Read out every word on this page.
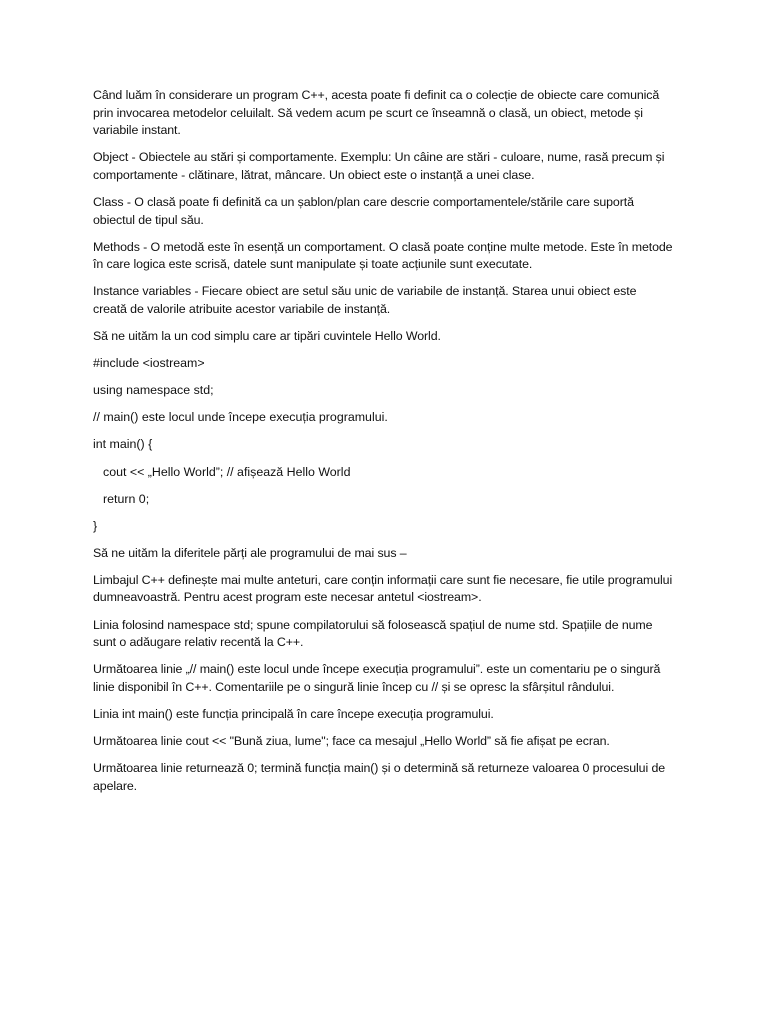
Când luăm în considerare un program C++, acesta poate fi definit ca o colecție de obiecte care comunică prin invocarea metodelor celuilalt. Să vedem acum pe scurt ce înseamnă o clasă, un obiect, metode și variabile instant.

Object - Obiectele au stări și comportamente. Exemplu: Un câine are stări - culoare, nume, rasă precum și comportamente - clătinare, lătrat, mâncare. Un obiect este o instanță a unei clase.

Class - O clasă poate fi definită ca un șablon/plan care descrie comportamentele/stările care suportă obiectul de tipul său.

Methods - O metodă este în esență un comportament. O clasă poate conține multe metode. Este în metode în care logica este scrisă, datele sunt manipulate și toate acțiunile sunt executate.

Instance variables - Fiecare obiect are setul său unic de variabile de instanță. Starea unui obiect este creată de valorile atribuite acestor variabile de instanță.

Să ne uităm la un cod simplu care ar tipări cuvintele Hello World.

#include <iostream>

using namespace std;

// main() este locul unde începe execuția programului.

int main() {

cout << „Hello World”; // afișează Hello World

return 0;

}

Să ne uităm la diferitele părți ale programului de mai sus –

Limbajul C++ definește mai multe anteturi, care conțin informații care sunt fie necesare, fie utile programului dumneavoastră. Pentru acest program este necesar antetul <iostream>.

Linia folosind namespace std; spune compilatorului să folosească spațiul de nume std. Spațiile de nume sunt o adăugare relativ recentă la C++.

Următoarea linie „// main() este locul unde începe execuția programului”. este un comentariu pe o singură linie disponibil în C++. Comentariile pe o singură linie încep cu // și se opresc la sfârșitul rândului.

Linia int main() este funcția principală în care începe execuția programului.

Următoarea linie cout << "Bună ziua, lume"; face ca mesajul „Hello World” să fie afișat pe ecran.

Următoarea linie returnează 0; termină funcția main() și o determină să returneze valoarea 0 procesului de apelare.
